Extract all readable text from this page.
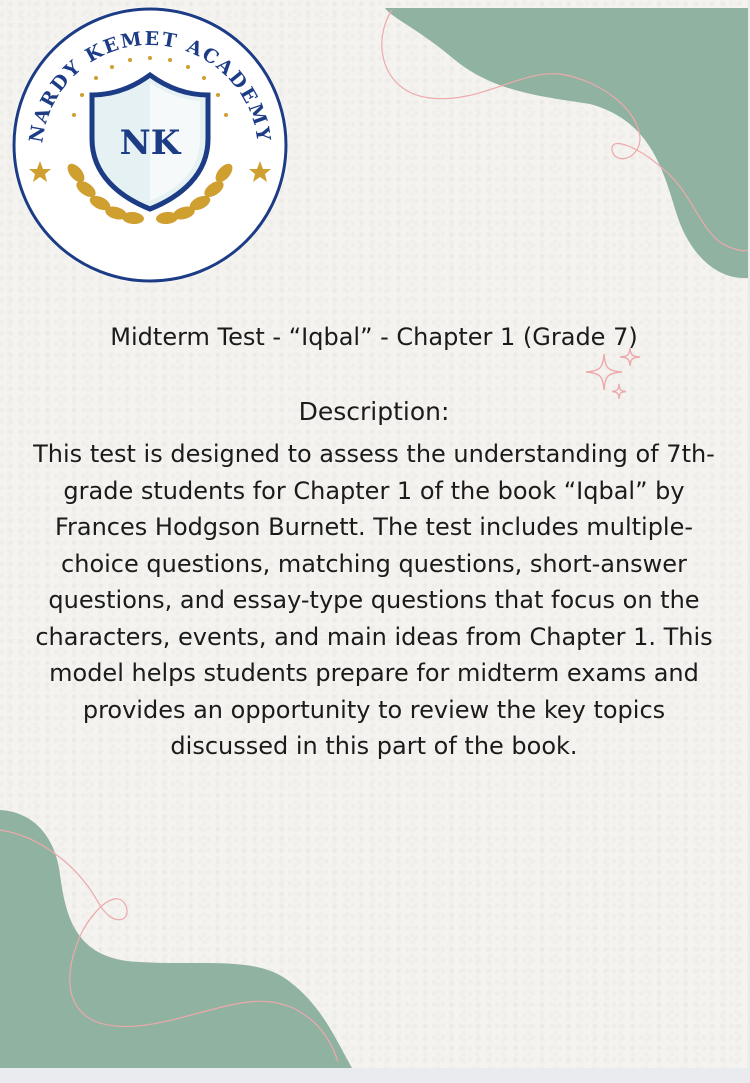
NARDY KEMET ACADEMY
NK
Midterm Test - “Iqbal” - Chapter 1 (Grade 7)
Description:

This test is designed to assess the understanding of 7th-grade students for Chapter 1 of the book “Iqbal” by Frances Hodgson Burnett. The test includes multiple-choice questions, matching questions, short-answer questions, and essay-type questions that focus on the characters, events, and main ideas from Chapter 1. This model helps students prepare for midterm exams and provides an opportunity to review the key topics discussed in this part of the book.
